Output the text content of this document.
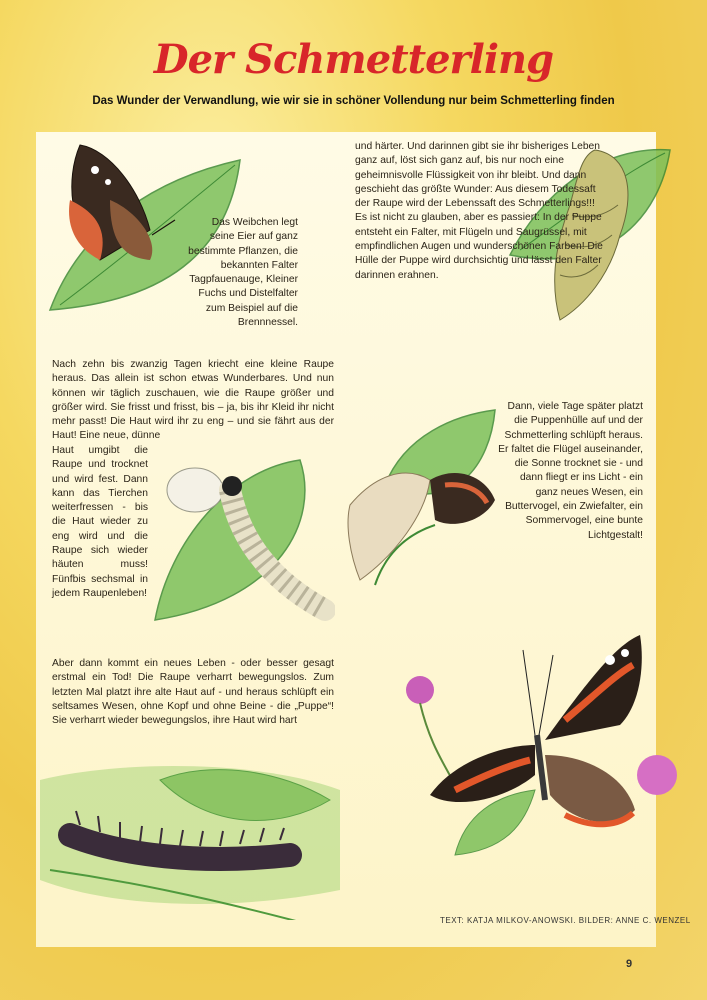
Der Schmetterling

Das Wunder der Verwandlung, wie wir sie in schöner Vollendung nur beim Schmetterling finden

Das Weibchen legt seine Eier auf ganz bestimmte Pflanzen, die bekannten Falter Tagpfauenauge, Kleiner Fuchs und Distelfalter zum Beispiel auf die Brennnessel.

Nach zehn bis zwanzig Tagen kriecht eine kleine Raupe heraus. Das allein ist schon etwas Wunderbares. Und nun können wir täglich zuschauen, wie die Raupe größer und größer wird. Sie frisst und frisst, bis – ja, bis ihr Kleid ihr nicht mehr passt! Die Haut wird ihr zu eng – und sie fährt aus der Haut! Eine neue, dünne

Haut umgibt die Raupe und trocknet und wird fest. Dann kann das Tierchen weiterfressen - bis die Haut wieder zu eng wird und die Raupe sich wieder häuten muss! Fünfbis sechsmal in jedem Raupenleben!

Aber dann kommt ein neues Leben - oder besser gesagt erstmal ein Tod! Die Raupe verharrt bewegungslos. Zum letzten Mal platzt ihre alte Haut auf - und heraus schlüpft ein seltsames Wesen, ohne Kopf und ohne Beine - die „Puppe“! Sie verharrt wieder bewegungslos, ihre Haut wird hart

und härter. Und darinnen gibt sie ihr bisheriges Leben ganz auf, löst sich ganz auf, bis nur noch eine geheimnisvolle Flüssigkeit von ihr bleibt. Und dann geschieht das größte Wunder: Aus diesem Todessaft der Raupe wird der Lebenssaft des Schmetterlings!!! Es ist nicht zu glauben, aber es passiert: In der Puppe entsteht ein Falter, mit Flügeln und Saugrüssel, mit empfindlichen Augen und wunderschönen Farben! Die Hülle der Puppe wird durchsichtig und lässt den Falter darinnen erahnen.

Dann, viele Tage später platzt die Puppenhülle auf und der Schmetterling schlüpft heraus. Er faltet die Flügel auseinander, die Sonne trocknet sie - und dann fliegt er ins Licht - ein ganz neues Wesen, ein Buttervogel, ein Zwiefalter, ein Sommervogel, eine bunte Lichtgestalt!

TEXT: KATJA MILKOV-ANOWSKI. BILDER: ANNE C. WENZEL
9
